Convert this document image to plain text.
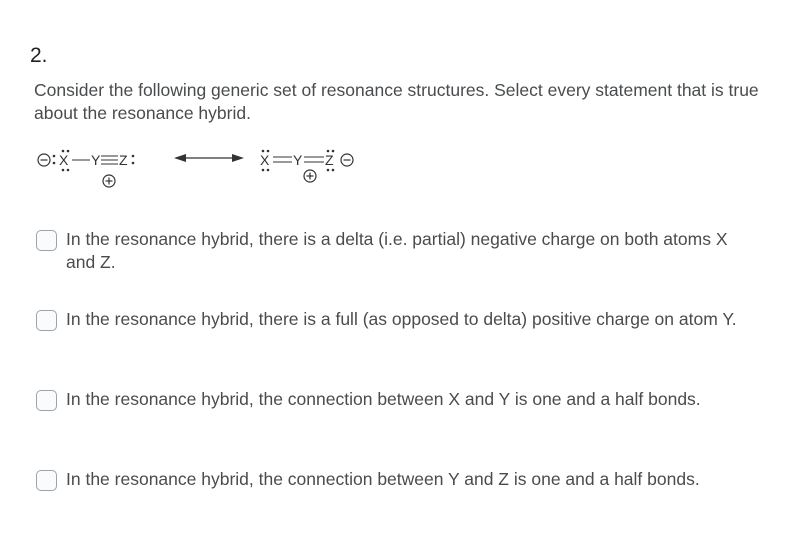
2.
Consider the following generic set of resonance structures. Select every statement that is true about the resonance hybrid.
X Y Z	X Y Z
In the resonance hybrid, there is a delta (i.e. partial) negative charge on both atoms X and Z.
In the resonance hybrid, there is a full (as opposed to delta) positive charge on atom Y.
In the resonance hybrid, the connection between X and Y is one and a half bonds.
In the resonance hybrid, the connection between Y and Z is one and a half bonds.
